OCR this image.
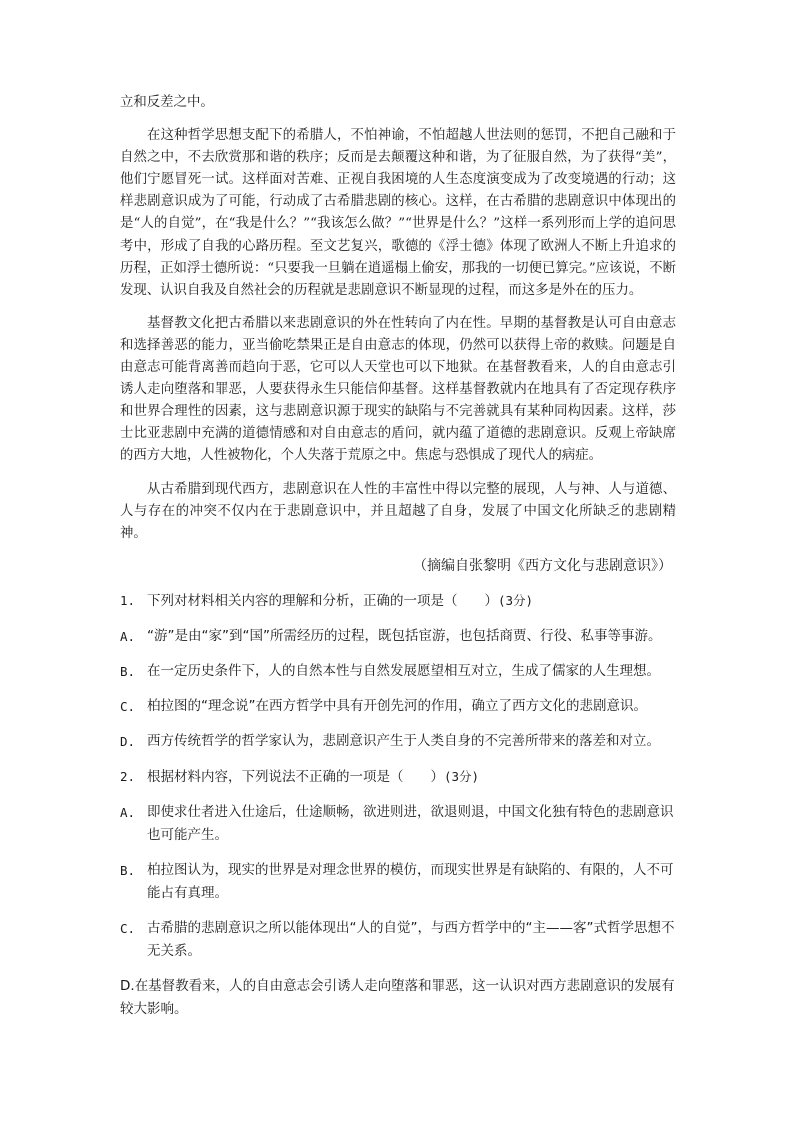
立和反差之中。

在这种哲学思想支配下的希腊人，不怕神谕，不怕超越人世法则的惩罚，不把自己融和于自然之中，不去欣赏那和谐的秩序；反而是去颠覆这种和谐，为了征服自然，为了获得“美”，他们宁愿冒死一试。这样面对苦难、正视自我困境的人生态度演变成为了改变境遇的行动；这样悲剧意识成为了可能，行动成了古希腊悲剧的核心。这样，在古希腊的悲剧意识中体现出的是“人的自觉”，在“我是什么？”“我该怎么做？”“世界是什么？”这样一系列形而上学的追问思考中，形成了自我的心路历程。至文艺复兴，歌德的《浮士德》体现了欧洲人不断上升追求的历程，正如浮士德所说：“只要我一旦躺在逍遥榻上偷安，那我的一切便已算完。”应该说，不断发现、认识自我及自然社会的历程就是悲剧意识不断显现的过程，而这多是外在的压力。

基督教文化把古希腊以来悲剧意识的外在性转向了内在性。早期的基督教是认可自由意志和选择善恶的能力，亚当偷吃禁果正是自由意志的体现，仍然可以获得上帝的救赎。问题是自由意志可能背离善而趋向于恶，它可以人天堂也可以下地狱。在基督教看来，人的自由意志引诱人走向堕落和罪恶，人要获得永生只能信仰基督。这样基督教就内在地具有了否定现存秩序和世界合理性的因素，这与悲剧意识源于现实的缺陷与不完善就具有某种同构因素。这样，莎士比亚悲剧中充满的道德情感和对自由意志的盾问，就内蕴了道德的悲剧意识。反观上帝缺席的西方大地，人性被物化，个人失落于荒原之中。焦虑与恐惧成了现代人的病症。

从古希腊到现代西方，悲剧意识在人性的丰富性中得以完整的展现，人与神、人与道德、人与存在的冲突不仅内在于悲剧意识中，并且超越了自身，发展了中国文化所缺乏的悲剧精神。

（摘编自张黎明《西方文化与悲剧意识》）
1. 下列对材料相关内容的理解和分析，正确的一项是（　　）(3分)
A. “游”是由“家”到“国”所需经历的过程，既包括宦游，也包括商贾、行役、私事等事游。
B. 在一定历史条件下，人的自然本性与自然发展愿望相互对立，生成了儒家的人生理想。
C. 柏拉图的“理念说”在西方哲学中具有开创先河的作用，确立了西方文化的悲剧意识。
D. 西方传统哲学的哲学家认为，悲剧意识产生于人类自身的不完善所带来的落差和对立。
2. 根据材料内容，下列说法不正确的一项是（　　）(3分)
A. 即使求仕者进入仕途后，仕途顺畅，欲进则进，欲退则退，中国文化独有特色的悲剧意识也可能产生。
B. 柏拉图认为，现实的世界是对理念世界的模仿，而现实世界是有缺陷的、有限的，人不可能占有真理。
C. 古希腊的悲剧意识之所以能体现出“人的自觉”，与西方哲学中的“主——客”式哲学思想不无关系。
D.在基督教看来，人的自由意志会引诱人走向堕落和罪恶，这一认识对西方悲剧意识的发展有较大影响。
